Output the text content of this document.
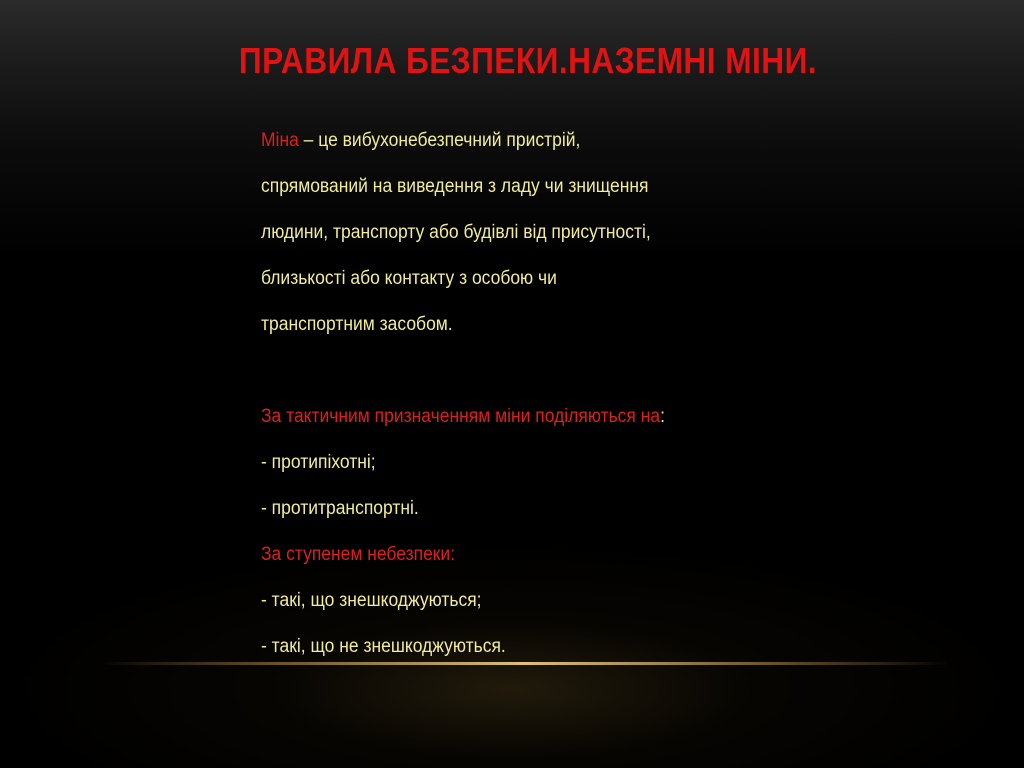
ПРАВИЛА БЕЗПЕКИ.НАЗЕМНІ МІНИ.
Міна – це вибухонебезпечний пристрій,
спрямований на виведення з ладу чи знищення
людини, транспорту або будівлі від присутності,
близькості або контакту з особою чи
транспортним засобом.
За тактичним призначенням міни поділяються на:
- протипіхотні;
- протитранспортні.
За ступенем небезпеки:
- такі, що знешкоджуються;
- такі, що не знешкоджуються.
